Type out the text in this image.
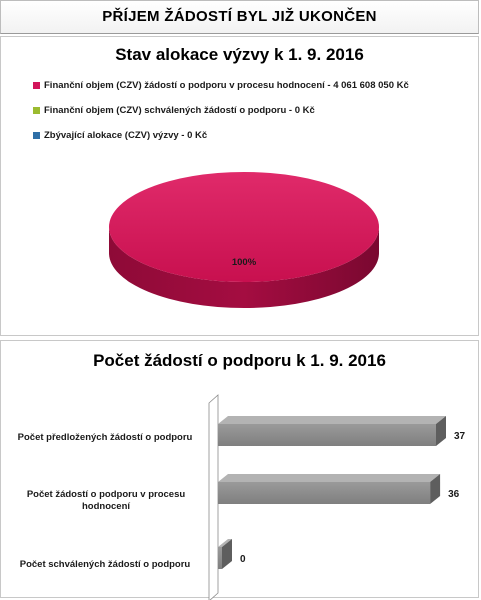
PŘÍJEM ŽÁDOSTÍ BYL JIŽ UKONČEN
Stav alokace výzvy k 1. 9. 2016
Finanční objem (CZV) žádostí o podporu v procesu hodnocení - 4 061 608 050 Kč
Finanční objem (CZV) schválených žádostí o podporu - 0 Kč
Zbývající alokace (CZV) výzvy - 0 Kč
100%
Počet žádostí o podporu k 1. 9. 2016
Počet předložených žádostí o podporu
Počet žádostí o podporu v procesu hodnocení
Počet schválených žádostí o podporu
37
36
0
